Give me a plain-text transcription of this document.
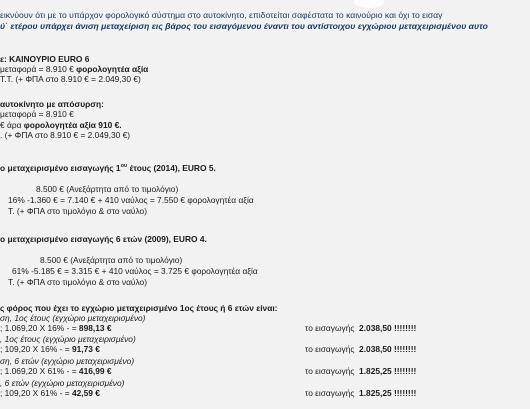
εικνύουν ότι με το υπάρχον φορολογικό σύστημα στο αυτοκίνητο, επιδοτείται σαφέστατα το καινούριο και όχι το εισαγ
ύ΄ ετέρου υπάρχει άνιση μεταχείριση εις βάρος του εισαγόμενου έναντι του αντίστοιχου εγχώριου μεταχειρισμένου αυτο
ε: ΚΑΙΝΟΥΡΙΟ EURO 6
μεταφορά = 8.910 € φορολογητέα αξία
Τ.Τ. (+ ΦΠΑ στο 8.910 € = 2.049,30 €)
αυτοκίνητο με απόσυρση:
μεταφορά = 8.910 €
€ άρα φορολογητέα αξία 910 €.
. (+ ΦΠΑ στο 8.910 € = 2.049,30 €)
ο μεταχειρισμένο εισαγωγής $1^{o\upsilon}$ έτους (2014), EURO 5.
8.500 € (Ανεξάρτητα από το τιμολόγιο)
16% -1.360 € = 7.140 € + 410 ναύλος = 7.550 € φορολογητέα αξία
Τ. (+ ΦΠΑ στο τιμολόγιο & στο ναύλο)
ο μεταχειρισμένο εισαγωγής 6 ετών (2009), EURO 4.
8.500 € (Ανεξάρτητα από το τιμολόγιο)
61% -5.185 € = 3.315 € + 410 ναύλος = 3.725 € φορολογητέα αξία
Τ. (+ ΦΠΑ στο τιμολόγιο & στο ναύλο)
ς φόρος που έχει το εγχώριο μεταχειρισμένο 1ος έτους ή 6 ετών είναι:
ση, 1ος έτους (εγχώριο μεταχειρισμένο)
; 1.069,20 Χ 16% - = 898,13 €	το εισαγωγής 2.038,50 !!!!!!!!
, 1ος έτους (εγχώριο μεταχειρισμένο)
; 109,20 Χ 16% - = 91,73 €	το εισαγωγής 2.038,50 !!!!!!!!
ση, 6 ετών (εγχώριο μεταχειρισμένο)
; 1.069,20 Χ 61% - = 416,99 €	το εισαγωγής 1.825,25 !!!!!!!!
, 6 ετών (εγχώριο μεταχειρισμένο)
; 109,20 Χ 61% - = 42,59 €	το εισαγωγής 1.825,25 !!!!!!!!
